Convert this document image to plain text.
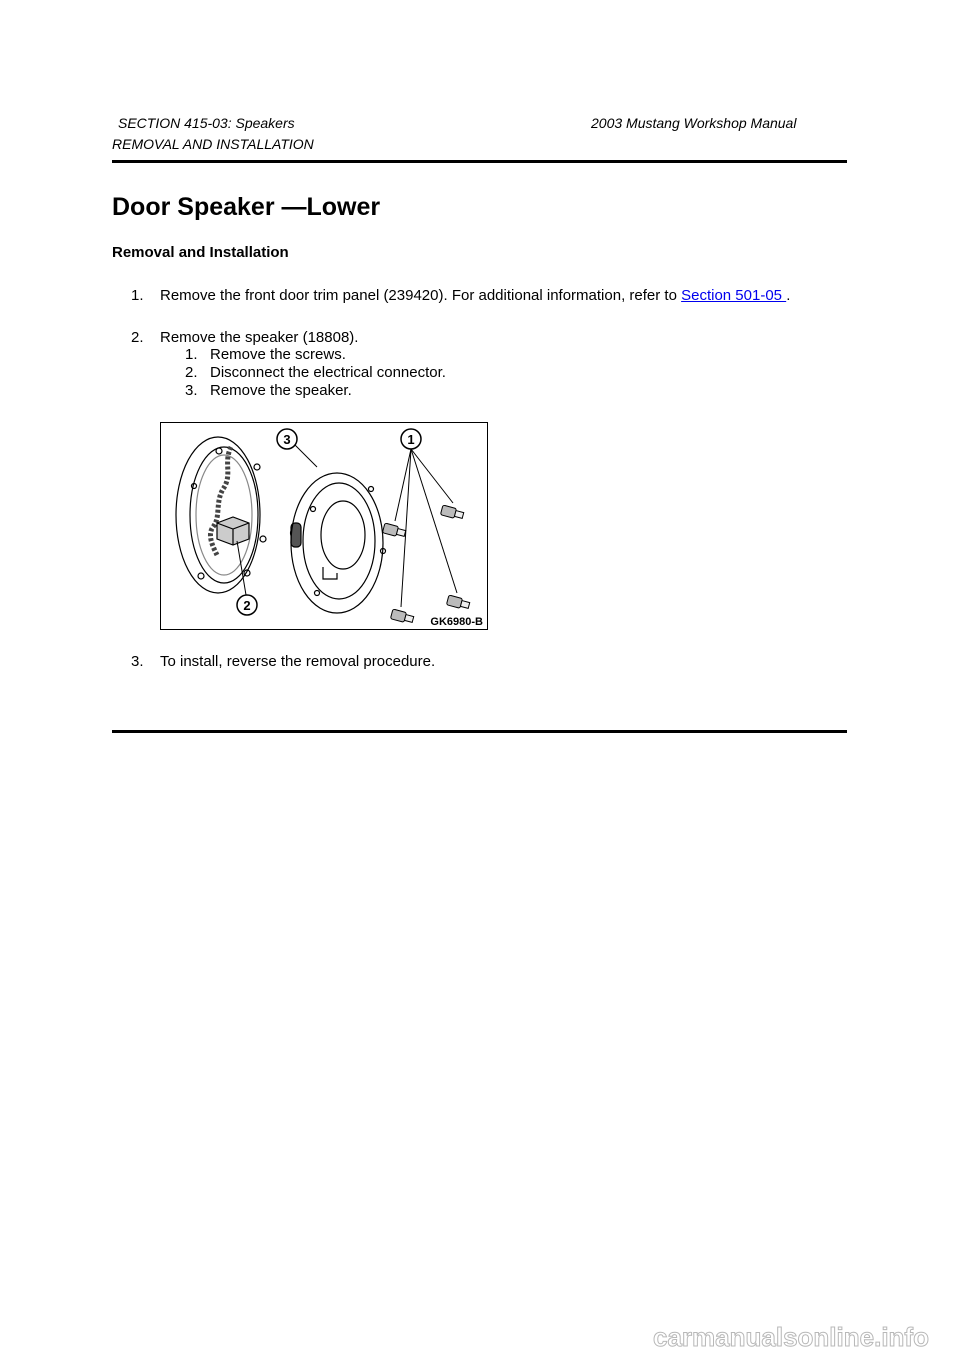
SECTION 415-03: Speakers	2003 Mustang Workshop Manual
REMOVAL AND INSTALLATION
Door Speaker —Lower
Removal and Installation
1. Remove the front door trim panel (239420). For additional information, refer to Section 501-05 .
2. Remove the speaker (18808).
1. Remove the screws.
2. Disconnect the electrical connector.
3. Remove the speaker.
1
2
3
GK6980-B
3. To install, reverse the removal procedure.
carmanualsonline.info
